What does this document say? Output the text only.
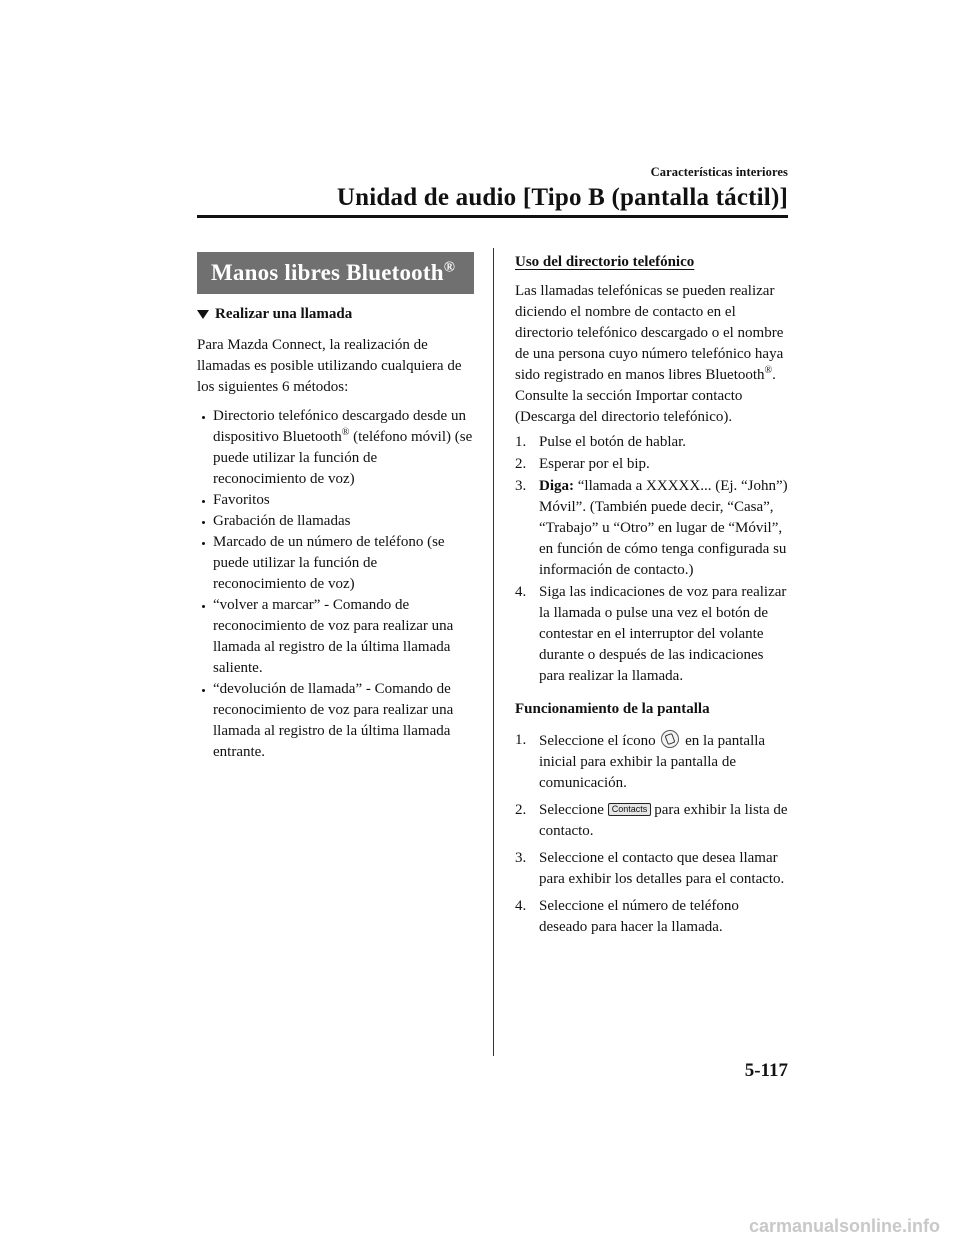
Características interiores
Unidad de audio [Tipo B (pantalla táctil)]
Manos libres Bluetooth®
Realizar una llamada

Para Mazda Connect, la realización de llamadas es posible utilizando cualquiera de los siguientes 6 métodos:

Directorio telefónico descargado desde un dispositivo Bluetooth® (teléfono móvil) (se puede utilizar la función de reconocimiento de voz)
Favoritos
Grabación de llamadas
Marcado de un número de teléfono (se puede utilizar la función de reconocimiento de voz)
“volver a marcar” - Comando de reconocimiento de voz para realizar una llamada al registro de la última llamada saliente.
“devolución de llamada” - Comando de reconocimiento de voz para realizar una llamada al registro de la última llamada entrante.
Uso del directorio telefónico

Las llamadas telefónicas se pueden realizar diciendo el nombre de contacto en el directorio telefónico descargado o el nombre de una persona cuyo número telefónico haya sido registrado en manos libres Bluetooth®. Consulte la sección Importar contacto (Descarga del directorio telefónico).

1. Pulse el botón de hablar.
2. Esperar por el bip.
3. Diga: “llamada a XXXXX... (Ej. “John”) Móvil”. (También puede decir, “Casa”, “Trabajo” u “Otro” en lugar de “Móvil”, en función de cómo tenga configurada su información de contacto.)
4. Siga las indicaciones de voz para realizar la llamada o pulse una vez el botón de contestar en el interruptor del volante durante o después de las indicaciones para realizar la llamada.
Funcionamiento de la pantalla
1. Seleccione el ícono  en la pantalla inicial para exhibir la pantalla de comunicación.
2. Seleccione Contacts para exhibir la lista de contacto.
3. Seleccione el contacto que desea llamar para exhibir los detalles para el contacto.
4. Seleccione el número de teléfono deseado para hacer la llamada.
5-117
carmanualsonline.info
